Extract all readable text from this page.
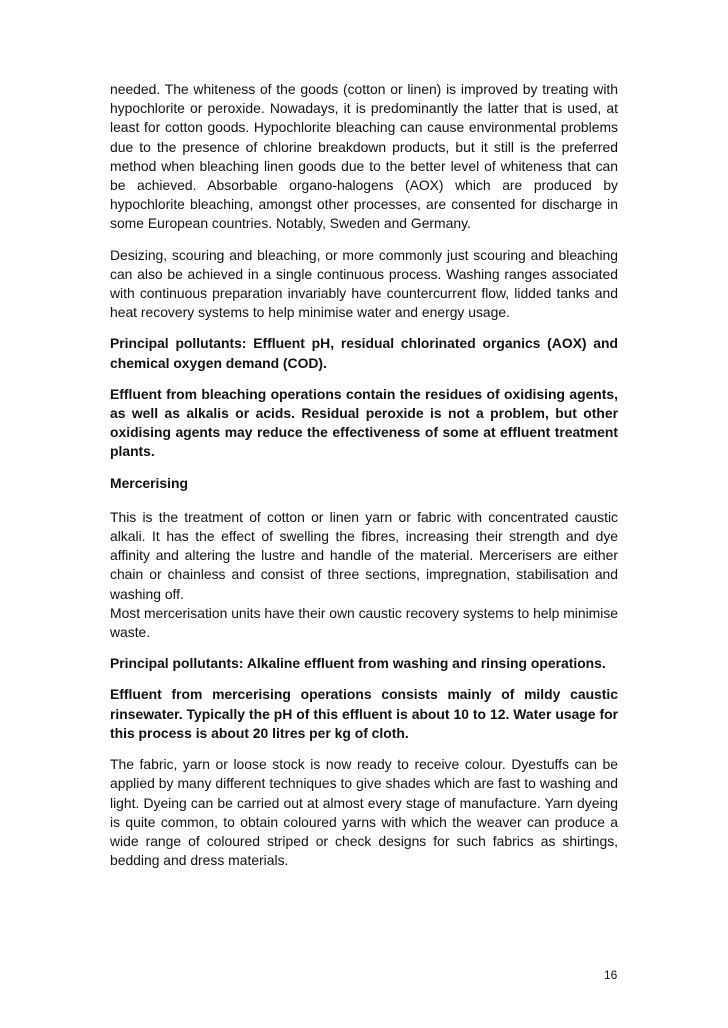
needed. The whiteness of the goods (cotton or linen) is improved by treating with hypochlorite or peroxide. Nowadays, it is predominantly the latter that is used, at least for cotton goods. Hypochlorite bleaching can cause environmental problems due to the presence of chlorine breakdown products, but it still is the preferred method when bleaching linen goods due to the better level of whiteness that can be achieved. Absorbable organo-halogens (AOX) which are produced by hypochlorite bleaching, amongst other processes, are consented for discharge in some European countries. Notably, Sweden and Germany.

Desizing, scouring and bleaching, or more commonly just scouring and bleaching can also be achieved in a single continuous process. Washing ranges associated with continuous preparation invariably have countercurrent flow, lidded tanks and heat recovery systems to help minimise water and energy usage.

Principal pollutants: Effluent pH, residual chlorinated organics (AOX) and chemical oxygen demand (COD).

Effluent from bleaching operations contain the residues of oxidising agents, as well as alkalis or acids. Residual peroxide is not a problem, but other oxidising agents may reduce the effectiveness of some at effluent treatment plants.

Mercerising

This is the treatment of cotton or linen yarn or fabric with concentrated caustic alkali. It has the effect of swelling the fibres, increasing their strength and dye affinity and altering the lustre and handle of the material. Mercerisers are either chain or chainless and consist of three sections, impregnation, stabilisation and washing off.

Most mercerisation units have their own caustic recovery systems to help minimise waste.

Principal pollutants: Alkaline effluent from washing and rinsing operations.

Effluent from mercerising operations consists mainly of mildy caustic rinsewater. Typically the pH of this effluent is about 10 to 12. Water usage for this process is about 20 litres per kg of cloth.

The fabric, yarn or loose stock is now ready to receive colour. Dyestuffs can be applied by many different techniques to give shades which are fast to washing and light. Dyeing can be carried out at almost every stage of manufacture. Yarn dyeing is quite common, to obtain coloured yarns with which the weaver can produce a wide range of coloured striped or check designs for such fabrics as shirtings, bedding and dress materials.

16
